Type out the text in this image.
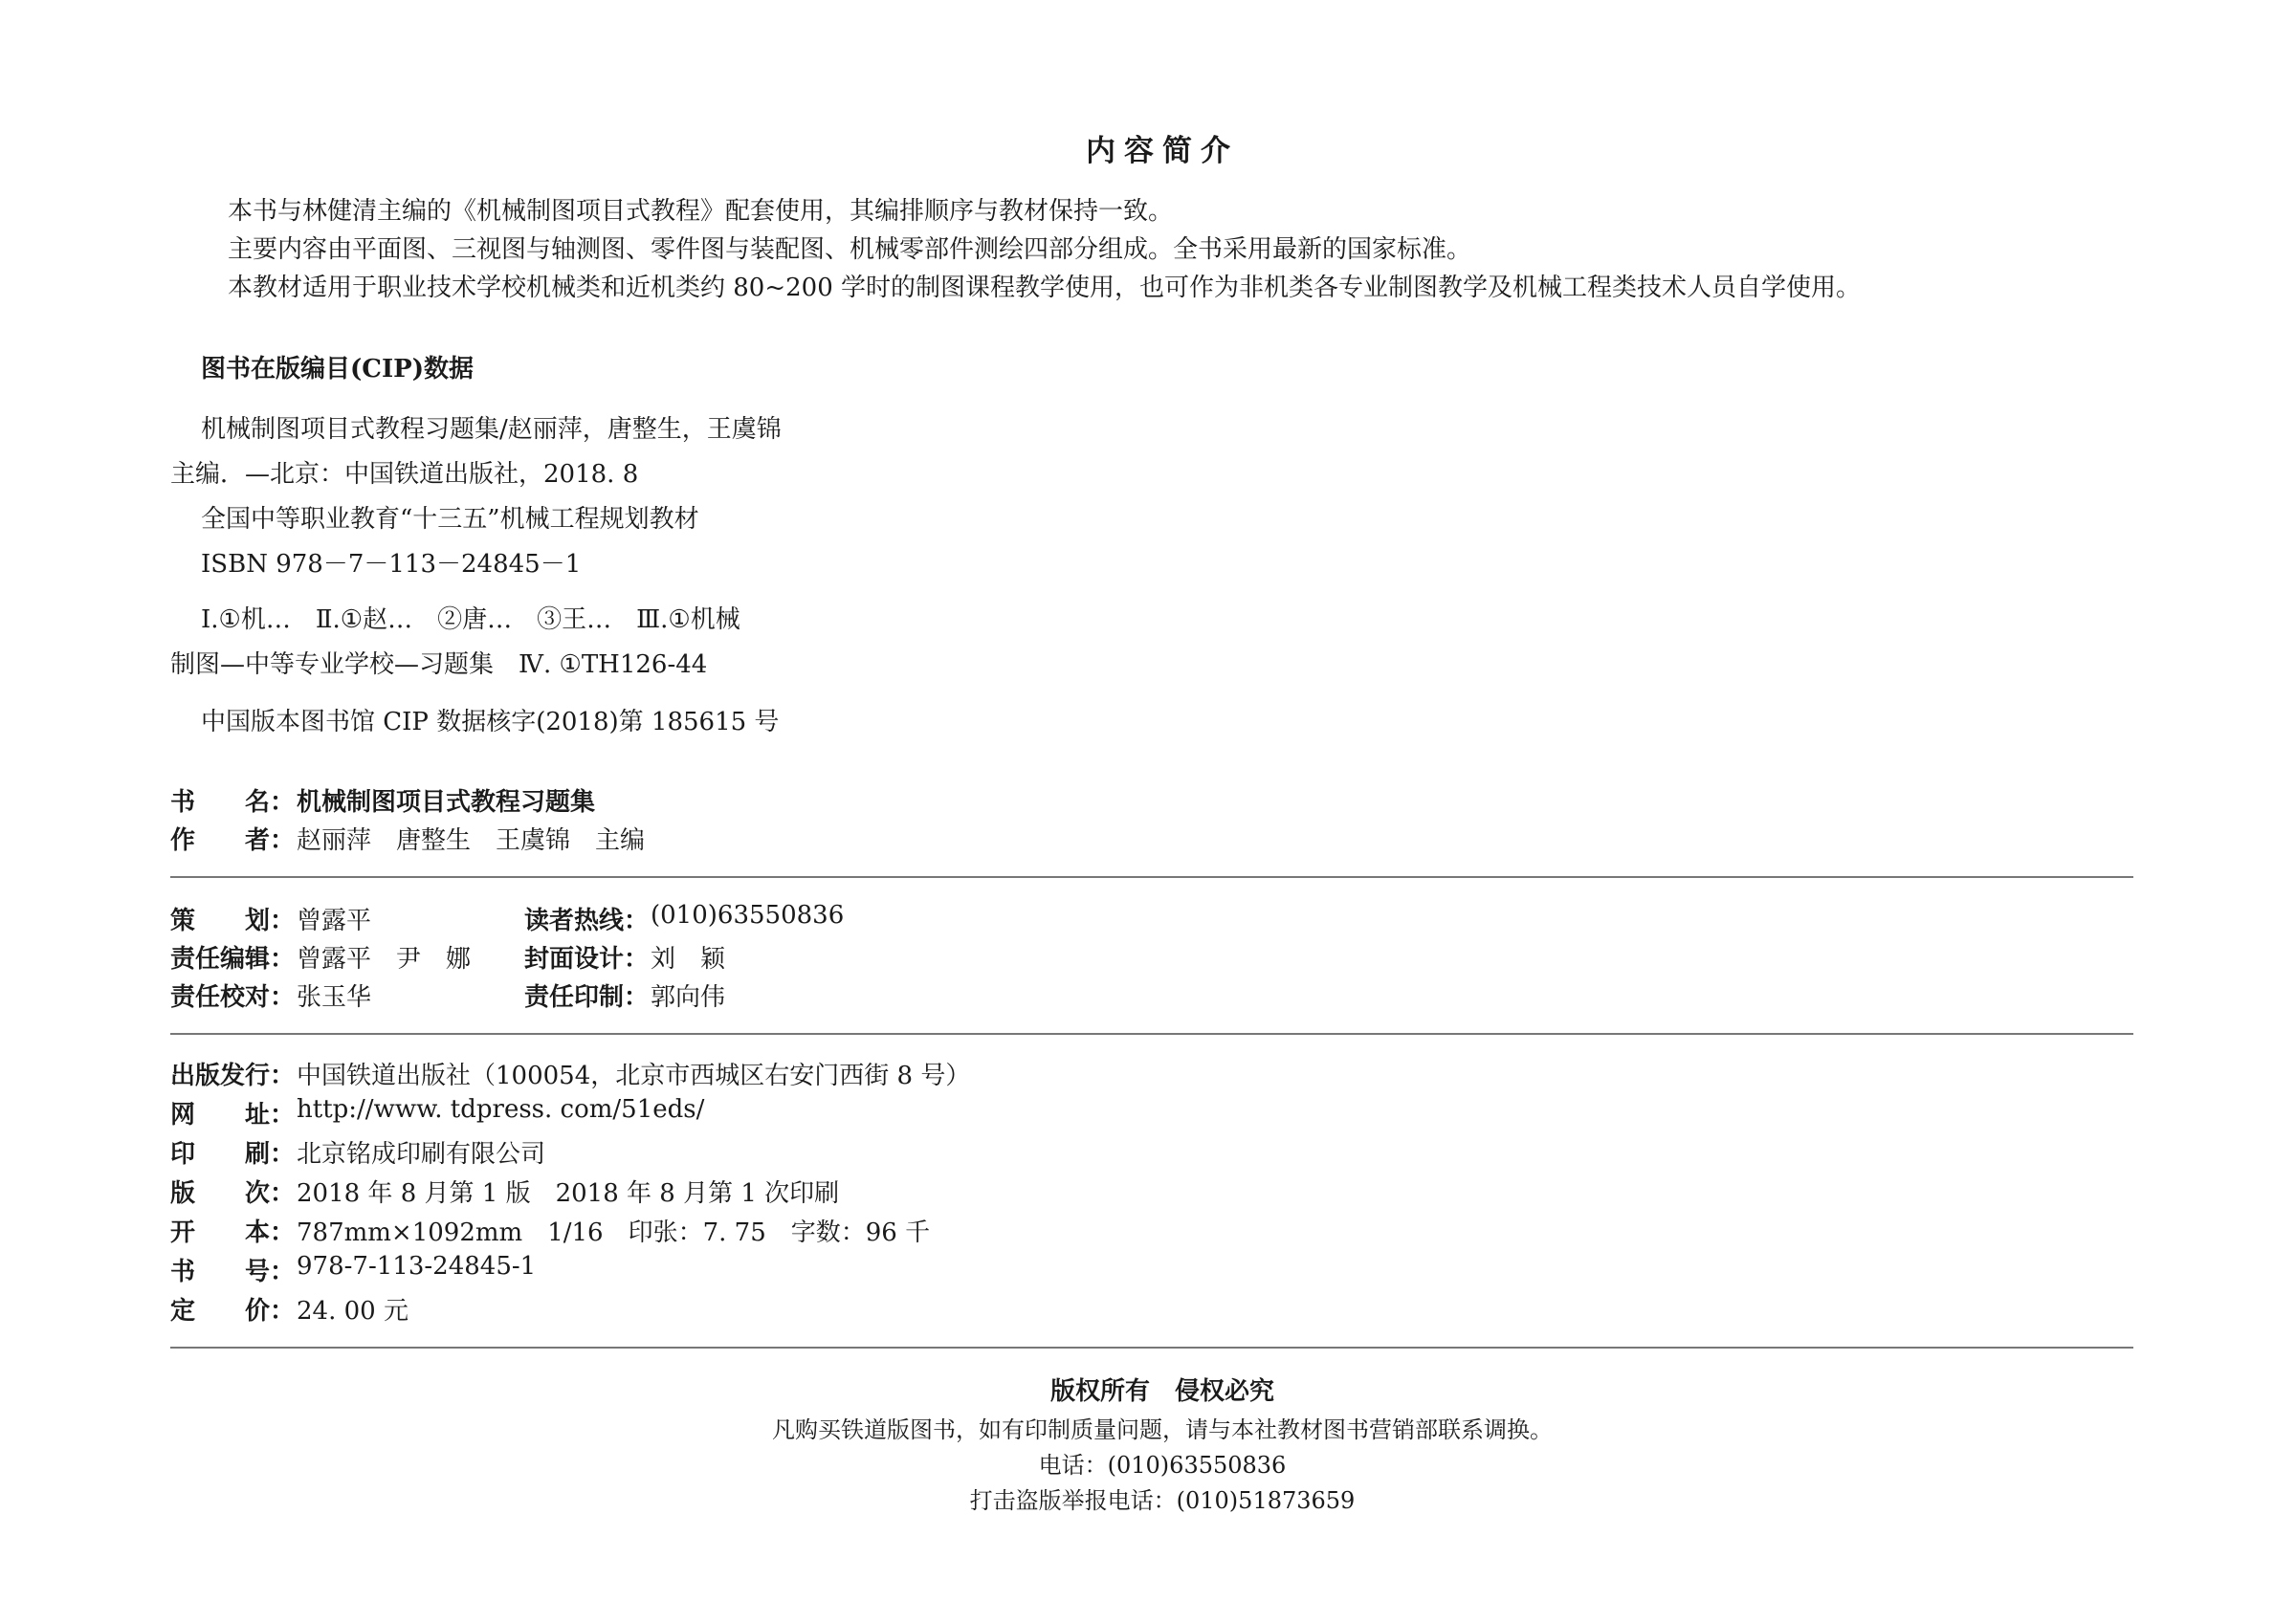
内容简介
本书与林健清主编的《机械制图项目式教程》配套使用，其编排顺序与教材保持一致。
主要内容由平面图、三视图与轴测图、零件图与装配图、机械零部件测绘四部分组成。全书采用最新的国家标准。
本教材适用于职业技术学校机械类和近机类约 80~200 学时的制图课程教学使用，也可作为非机类各专业制图教学及机械工程类技术人员自学使用。
图书在版编目(CIP)数据
机械制图项目式教程习题集/赵丽萍，唐整生，王虞锦
主编．—北京：中国铁道出版社，2018. 8
全国中等职业教育“十三五”机械工程规划教材
ISBN 978－7－113－24845－1
Ⅰ.①机…　Ⅱ.①赵…　②唐…　③王…　Ⅲ.①机械
制图—中等专业学校—习题集　Ⅳ. ①TH126-44
中国版本图书馆 CIP 数据核字(2018)第 185615 号
书　　名： 机械制图项目式教程习题集
作　　者： 赵丽萍　唐整生　王虞锦　主编
策　　划： 曾露平	读者热线： (010)63550836
责任编辑： 曾露平　尹　娜 封面设计： 刘　颖
责任校对： 张玉华	责任印制： 郭向伟
出版发行： 中国铁道出版社（100054，北京市西城区右安门西街 8 号）
网　　址： http://www. tdpress. com/51eds/
印　　刷： 北京铭成印刷有限公司
版　　次： 2018 年 8 月第 1 版　2018 年 8 月第 1 次印刷
开　　本： 787mm×1092mm　1/16　印张：7. 75　字数：96 千
书　　号： 978-7-113-24845-1
定　　价： 24. 00 元
版权所有　侵权必究
凡购买铁道版图书，如有印制质量问题，请与本社教材图书营销部联系调换。
电话：(010)63550836
打击盗版举报电话：(010)51873659
